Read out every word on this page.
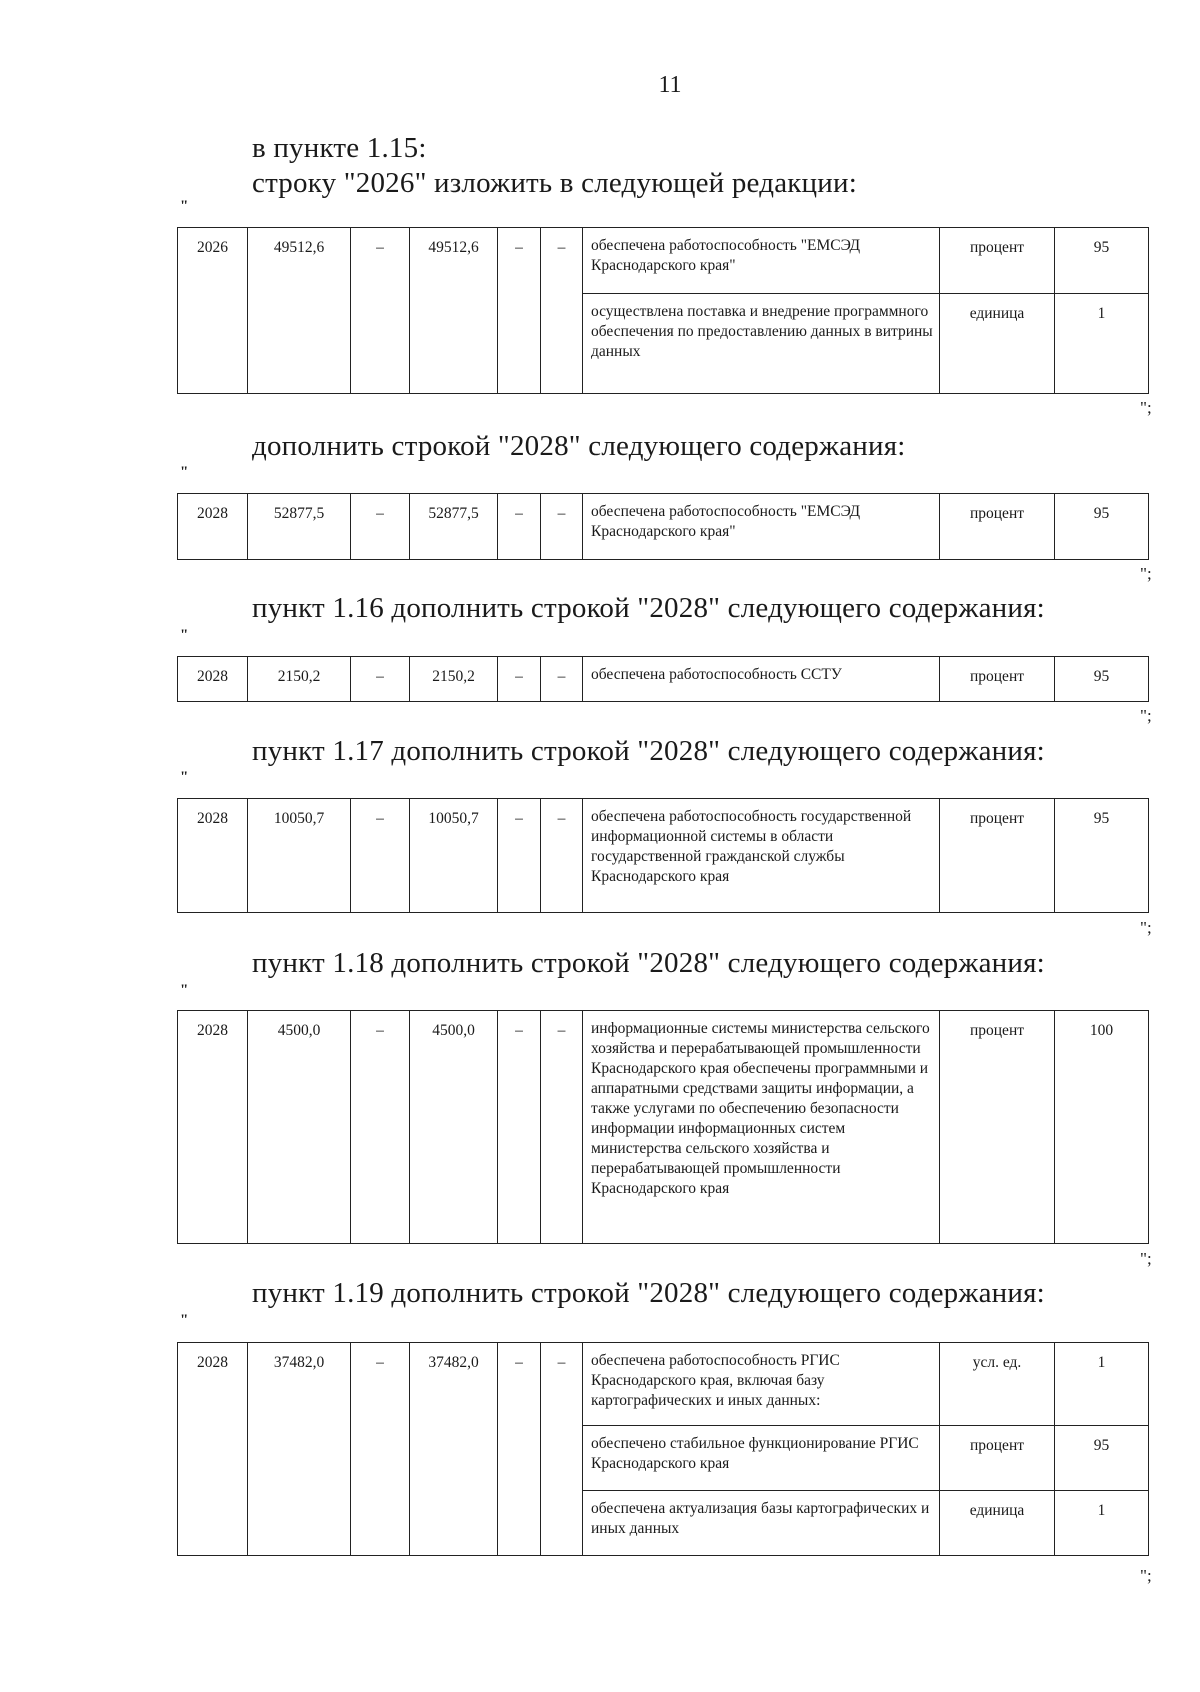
11
в пункте 1.15:
строку "2026" изложить в следующей редакции:
"
2026	49512,6	–	49512,6	–	–	обеспечена работоспособность "ЕМСЭД Краснодарского края"	процент	95
						осуществлена поставка и внедрение программного обеспечения по предоставлению данных в витрины данных	единица	1
";
дополнить строкой "2028" следующего содержания:
"
2028	52877,5	–	52877,5	–	–	обеспечена работоспособность "ЕМСЭД Краснодарского края"	процент	95
";
пункт 1.16 дополнить строкой "2028" следующего содержания:
"
2028	2150,2	–	2150,2	–	–	обеспечена работоспособность ССТУ	процент	95
";
пункт 1.17 дополнить строкой "2028" следующего содержания:
"
2028	10050,7	–	10050,7	–	–	обеспечена работоспособность государственной информационной системы в области государственной гражданской службы Краснодарского края	процент	95
";
пункт 1.18 дополнить строкой "2028" следующего содержания:
"
2028	4500,0	–	4500,0	–	–	информационные системы министерства сельского хозяйства и перерабатывающей промышленности Краснодарского края обеспечены программными и аппаратными средствами защиты информации, а также услугами по обеспечению безопасности информации информационных систем министерства сельского хозяйства и перерабатывающей промышленности Краснодарского края	процент	100
";
пункт 1.19 дополнить строкой "2028" следующего содержания:
"
2028	37482,0	–	37482,0	–	–	обеспечена работоспособность РГИС Краснодарского края, включая базу картографических и иных данных:	усл. ед.	1
						обеспечено стабильное функционирование РГИС Краснодарского края	процент	95
						обеспечена актуализация базы картографических и иных данных	единица	1
";
